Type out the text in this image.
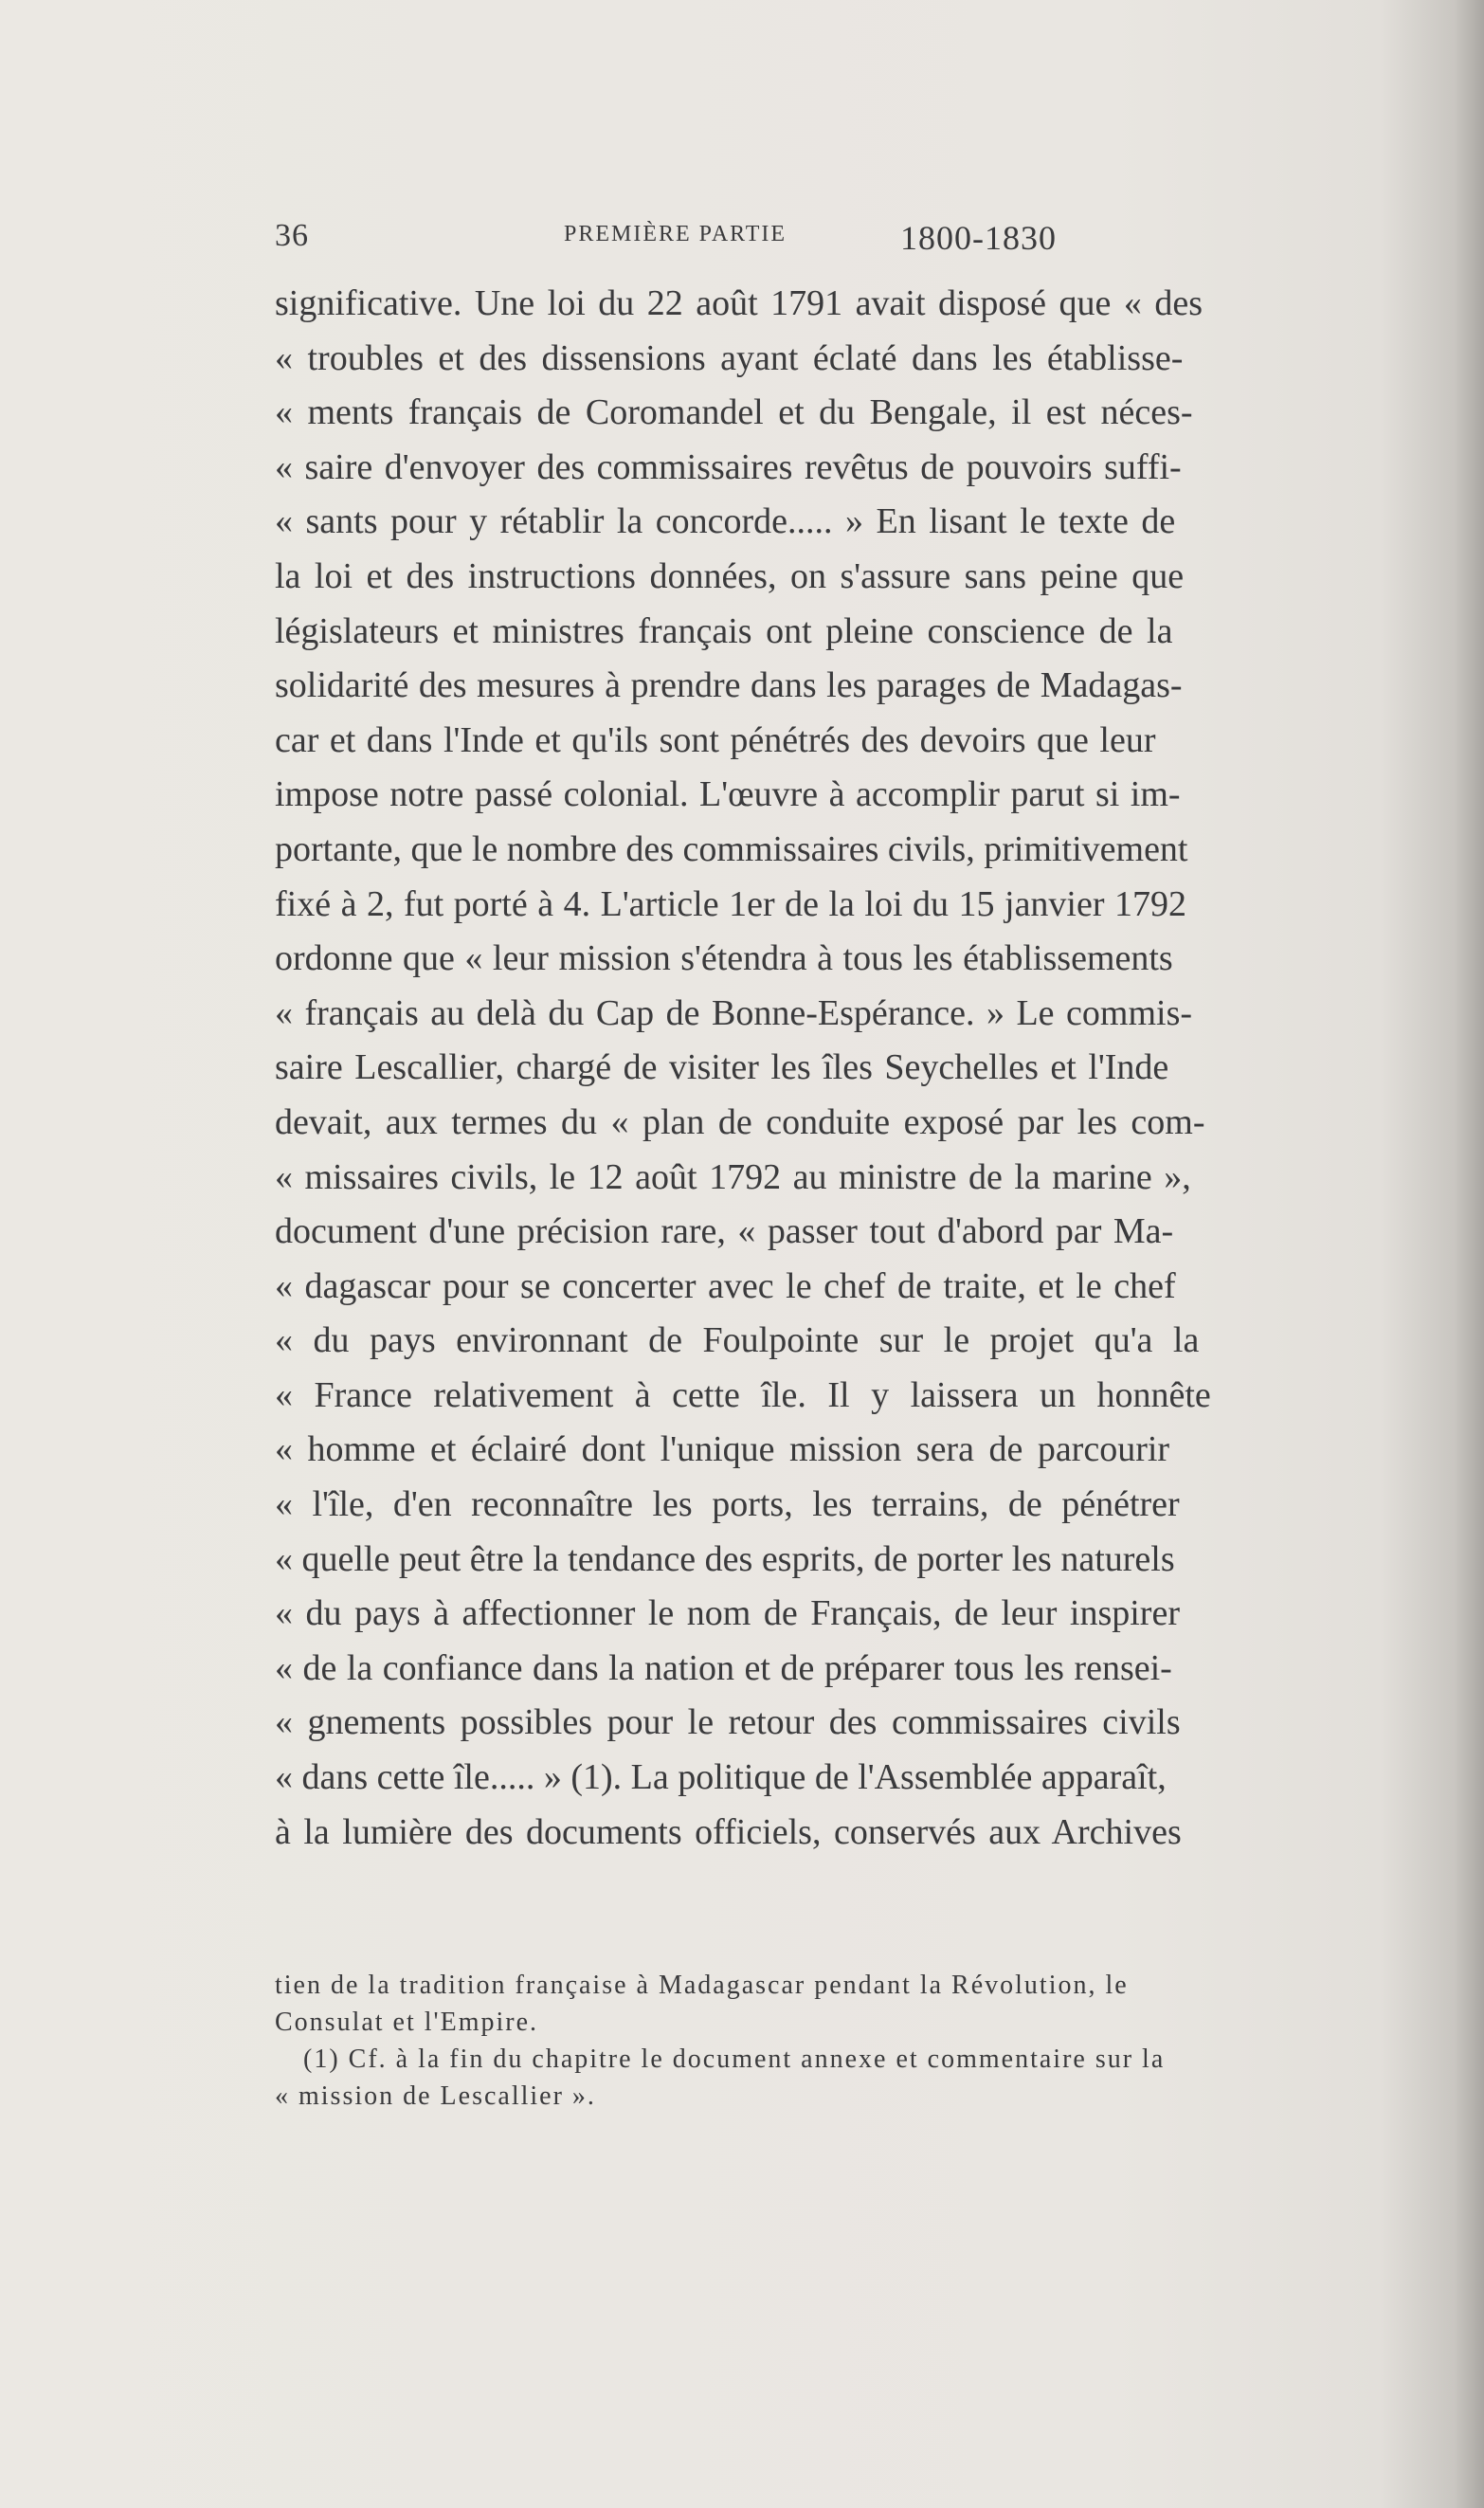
36	PREMIÈRE PARTIE	1800-1830
significative. Une loi du 22 août 1791 avait disposé que « des
« troubles et des dissensions ayant éclaté dans les établisse-
« ments français de Coromandel et du Bengale, il est néces-
« saire d'envoyer des commissaires revêtus de pouvoirs suffi-
« sants pour y rétablir la concorde..... » En lisant le texte de
la loi et des instructions données, on s'assure sans peine que
législateurs et ministres français ont pleine conscience de la
solidarité des mesures à prendre dans les parages de Madagas-
car et dans l'Inde et qu'ils sont pénétrés des devoirs que leur
impose notre passé colonial. L'œuvre à accomplir parut si im-
portante, que le nombre des commissaires civils, primitivement
fixé à 2, fut porté à 4. L'article 1er de la loi du 15 janvier 1792
ordonne que « leur mission s'étendra à tous les établissements
« français au delà du Cap de Bonne-Espérance. » Le commis-
saire Lescallier, chargé de visiter les îles Seychelles et l'Inde
devait, aux termes du « plan de conduite exposé par les com-
« missaires civils, le 12 août 1792 au ministre de la marine »,
document d'une précision rare, « passer tout d'abord par Ma-
« dagascar pour se concerter avec le chef de traite, et le chef
« du pays environnant de Foulpointe sur le projet qu'a la
« France relativement à cette île. Il y laissera un honnête
« homme et éclairé dont l'unique mission sera de parcourir
« l'île, d'en reconnaître les ports, les terrains, de pénétrer
« quelle peut être la tendance des esprits, de porter les naturels
« du pays à affectionner le nom de Français, de leur inspirer
« de la confiance dans la nation et de préparer tous les rensei-
« gnements possibles pour le retour des commissaires civils
« dans cette île..... » (1). La politique de l'Assemblée apparaît,
à la lumière des documents officiels, conservés aux Archives
tien de la tradition française à Madagascar pendant la Révolution, le
Consulat et l'Empire.
(1) Cf. à la fin du chapitre le document annexe et commentaire sur la
« mission de Lescallier ».
